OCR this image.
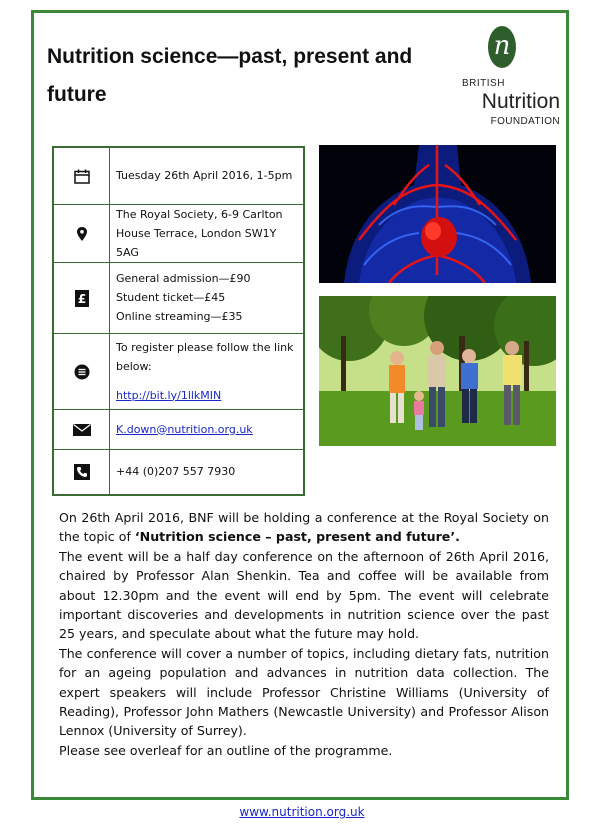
Nutrition science—past, present and future
n
BRITISH
Nutrition
FOUNDATION

Tuesday 26th April 2016, 1-5pm

The Royal Society, 6-9 Carlton
House Terrace, London SW1Y 5AG

£	General admission—£90
Student ticket—£45
Online streaming—£35

To register please follow the link
below:
http://bit.ly/1llkMIN

	K.down@nutrition.org.uk

+44 (0)207 557 7930

On 26th April 2016, BNF will be holding a conference at the Royal Society on the topic of ‘Nutrition science – past, present and future’.

The event will be a half day conference on the afternoon of 26th April 2016, chaired by Professor Alan Shenkin. Tea and coffee will be available from about 12.30pm and the event will end by 5pm. The event will celebrate important discoveries and developments in nutrition science over the past 25 years, and speculate about what the future may hold.

The conference will cover a number of topics, including dietary fats, nutrition for an ageing population and advances in nutrition data collection. The expert speakers will include Professor Christine Williams (University of Reading), Professor John Mathers (Newcastle University) and Professor Alison Lennox (University of Surrey).

Please see overleaf for an outline of the programme.

www.nutrition.org.uk
